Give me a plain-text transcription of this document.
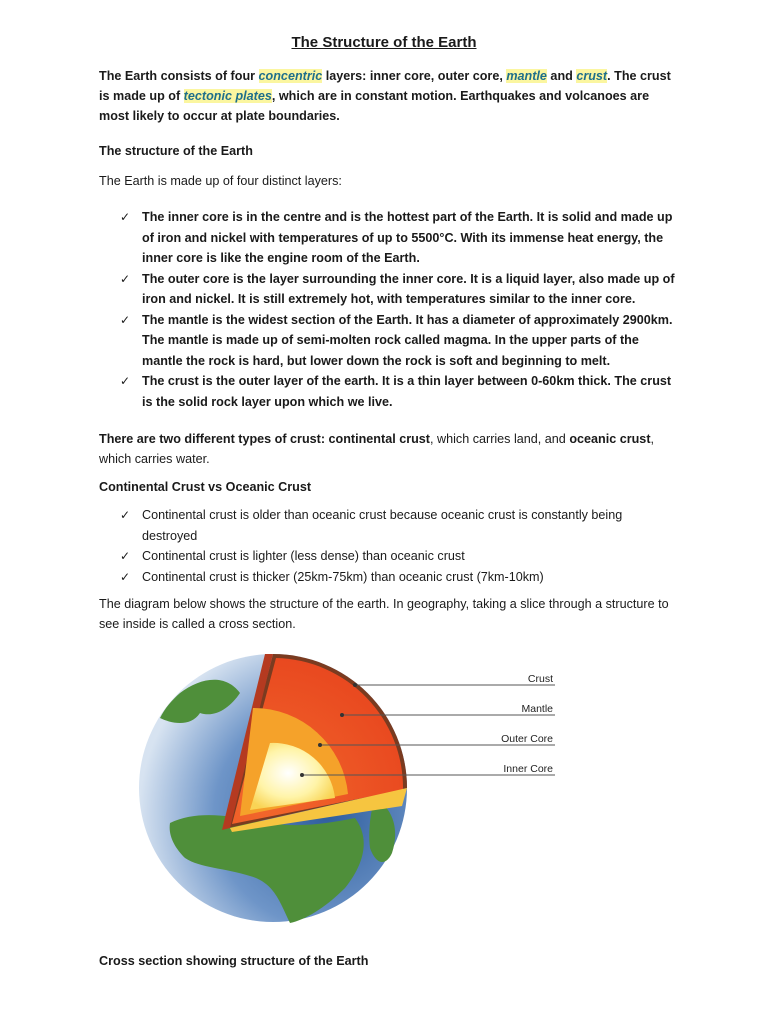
The Structure of the Earth
The Earth consists of four concentric layers: inner core, outer core, mantle and crust. The crust is made up of tectonic plates, which are in constant motion. Earthquakes and volcanoes are most likely to occur at plate boundaries.
The structure of the Earth
The Earth is made up of four distinct layers:
✓ The inner core is in the centre and is the hottest part of the Earth. It is solid and made up of iron and nickel with temperatures of up to 5500°C. With its immense heat energy, the inner core is like the engine room of the Earth.
✓ The outer core is the layer surrounding the inner core. It is a liquid layer, also made up of iron and nickel. It is still extremely hot, with temperatures similar to the inner core.
✓ The mantle is the widest section of the Earth. It has a diameter of approximately 2900km. The mantle is made up of semi-molten rock called magma. In the upper parts of the mantle the rock is hard, but lower down the rock is soft and beginning to melt.
✓ The crust is the outer layer of the earth. It is a thin layer between 0-60km thick. The crust is the solid rock layer upon which we live.
There are two different types of crust: continental crust, which carries land, and oceanic crust, which carries water.
Continental Crust vs Oceanic Crust
✓ Continental crust is older than oceanic crust because oceanic crust is constantly being destroyed
✓ Continental crust is lighter (less dense) than oceanic crust
✓ Continental crust is thicker (25km-75km) than oceanic crust (7km-10km)
The diagram below shows the structure of the earth. In geography, taking a slice through a structure to see inside is called a cross section.
Crust
Mantle
Outer Core
Inner Core
Cross section showing structure of the Earth
